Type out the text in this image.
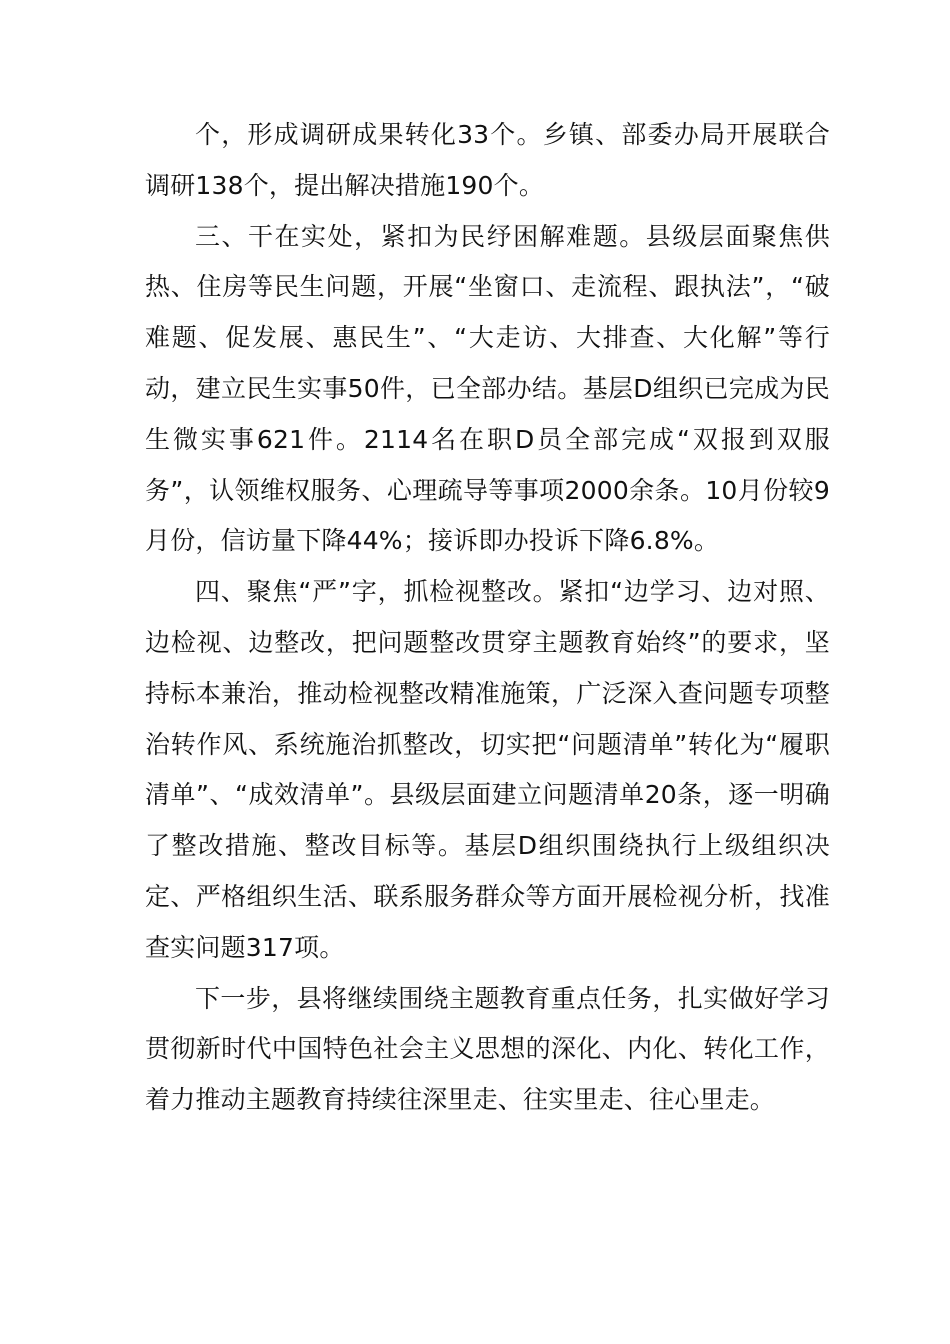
个，形成调研成果转化33个。乡镇、部委办局开展联合调研138个，提出解决措施190个。

三、干在实处，紧扣为民纾困解难题。县级层面聚焦供热、住房等民生问题，开展“坐窗口、走流程、跟执法”，“破难题、促发展、惠民生”、“大走访、大排查、大化解”等行动，建立民生实事50件，已全部办结。基层D组织已完成为民生微实事621件。2114名在职D员全部完成“双报到双服务”，认领维权服务、心理疏导等事项2000余条。10月份较9月份，信访量下降44%；接诉即办投诉下降6.8%。

四、聚焦“严”字，抓检视整改。紧扣“边学习、边对照、边检视、边整改，把问题整改贯穿主题教育始终”的要求，坚持标本兼治，推动检视整改精准施策，广泛深入查问题专项整治转作风、系统施治抓整改，切实把“问题清单”转化为“履职清单”、“成效清单”。县级层面建立问题清单20条，逐一明确了整改措施、整改目标等。基层D组织围绕执行上级组织决定、严格组织生活、联系服务群众等方面开展检视分析，找准查实问题317项。

下一步，县将继续围绕主题教育重点任务，扎实做好学习贯彻新时代中国特色社会主义思想的深化、内化、转化工作，着力推动主题教育持续往深里走、往实里走、往心里走。
